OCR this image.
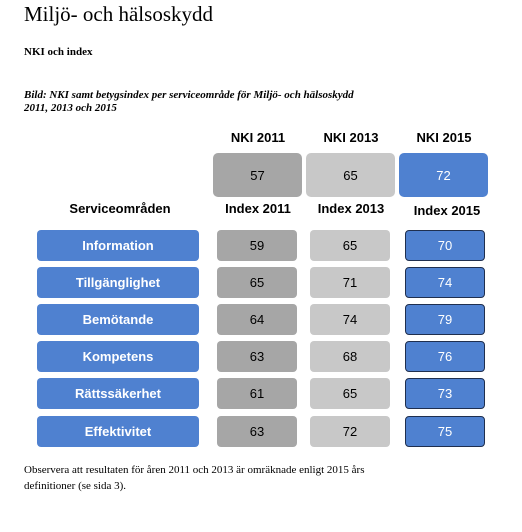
Miljö- och hälsoskydd
NKI och index
Bild: NKI samt betygsindex per serviceområde för Miljö- och hälsoskydd
2011, 2013 och 2015
NKI 2011	NKI 2013	NKI 2015
57	65	72
Serviceområden	Index 2011	Index 2013	Index 2015
Information	59	65	70
Tillgänglighet	65	71	74
Bemötande	64	74	79
Kompetens	63	68	76
Rättssäkerhet	61	65	73
Effektivitet	63	72	75
Observera att resultaten för åren 2011 och 2013 är omräknade enligt 2015 års
definitioner (se sida 3).
